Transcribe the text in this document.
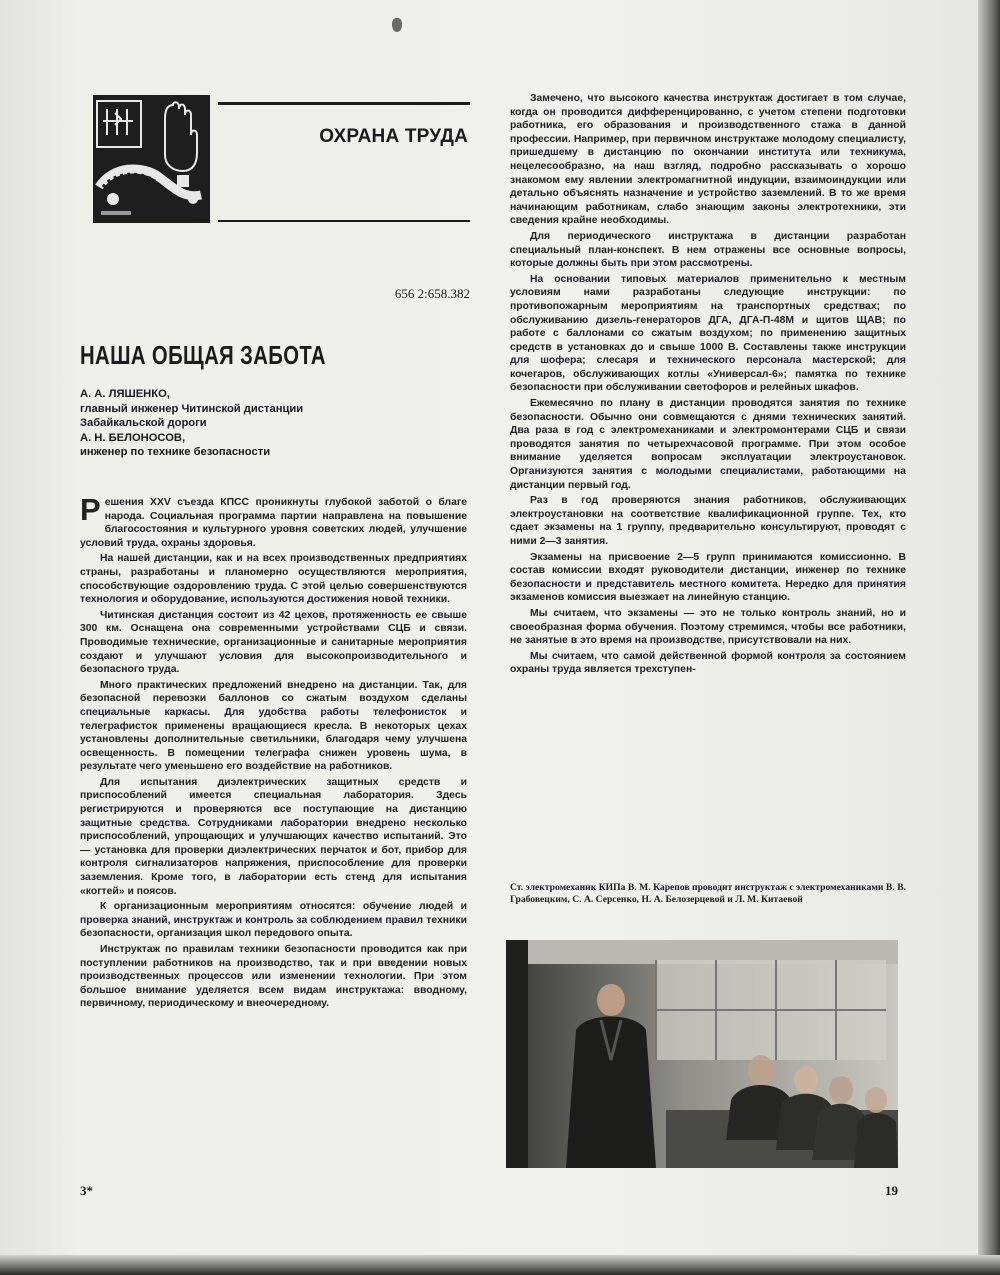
ОХРАНА ТРУДА
656 2:658.382
НАША ОБЩАЯ ЗАБОТА
А. А. ЛЯШЕНКО,
главный инженер Читинской дистанции
Забайкальской дороги
А. Н. БЕЛОНОСОВ,
инженер по технике безопасности

Решения XXV съезда КПСС проникнуты глубокой заботой о благе народа. Социальная программа партии направлена на повышение благосостояния и культурного уровня советских людей, улучшение условий труда, охраны здоровья.

На нашей дистанции, как и на всех производственных предприятиях страны, разработаны и планомерно осуществляются мероприятия, способствующие оздоровлению труда. С этой целью совершенствуются технология и оборудование, используются достижения новой техники.

Читинская дистанция состоит из 42 цехов, протяженность ее свыше 300 км. Оснащена она современными устройствами СЦБ и связи. Проводимые технические, организационные и санитарные мероприятия создают и улучшают условия для высокопроизводительного и безопасного труда.

Много практических предложений внедрено на дистанции. Так, для безопасной перевозки баллонов со сжатым воздухом сделаны специальные каркасы. Для удобства работы телефонисток и телеграфисток применены вращающиеся кресла. В некоторых цехах установлены дополнительные светильники, благодаря чему улучшена освещенность. В помещении телеграфа снижен уровень шума, в результате чего уменьшено его воздействие на работников.

Для испытания диэлектрических защитных средств и приспособлений имеется специальная лаборатория. Здесь регистрируются и проверяются все поступающие на дистанцию защитные средства. Сотрудниками лаборатории внедрено несколько приспособлений, упрощающих и улучшающих качество испытаний. Это — установка для проверки диэлектрических перчаток и бот, прибор для контроля сигнализаторов напряжения, приспособление для проверки заземления. Кроме того, в лаборатории есть стенд для испытания «когтей» и поясов.

К организационным мероприятиям относятся: обучение людей и проверка знаний, инструктаж и контроль за соблюдением правил техники безопасности, организация школ передового опыта.

Инструктаж по правилам техники безопасности проводится как при поступлении работников на производство, так и при введении новых производственных процессов или изменении технологии. При этом большое внимание уделяется всем видам инструктажа: вводному, первичному, периодическому и внеочередному.

Замечено, что высокого качества инструктаж достигает в том случае, когда он проводится дифференцированно, с учетом степени подготовки работника, его образования и производственного стажа в данной профессии. Например, при первичном инструктаже молодому специалисту, пришедшему в дистанцию по окончании института или техникума, нецелесообразно, на наш взгляд, подробно рассказывать о хорошо знакомом ему явлении электромагнитной индукции, взаимоиндукции или детально объяснять назначение и устройство заземлений. В то же время начинающим работникам, слабо знающим законы электротехники, эти сведения крайне необходимы.

Для периодического инструктажа в дистанции разработан специальный план-конспект. В нем отражены все основные вопросы, которые должны быть при этом рассмотрены.

На основании типовых материалов применительно к местным условиям нами разработаны следующие инструкции: по противопожарным мероприятиям на транспортных средствах; по обслуживанию дизель-генераторов ДГА, ДГА-П-48М и щитов ЩАВ; по работе с баллонами со сжатым воздухом; по применению защитных средств в установках до и свыше 1000 В. Составлены также инструкции для шофера; слесаря и технического персонала мастерской; для кочегаров, обслуживающих котлы «Универсал-6»; памятка по технике безопасности при обслуживании светофоров и релейных шкафов.

Ежемесячно по плану в дистанции проводятся занятия по технике безопасности. Обычно они совмещаются с днями технических занятий. Два раза в год с электромеханиками и электромонтерами СЦБ и связи проводятся занятия по четырехчасовой программе. При этом особое внимание уделяется вопросам эксплуатации электроустановок. Организуются занятия с молодыми специалистами, работающими на дистанции первый год.

Раз в год проверяются знания работников, обслуживающих электроустановки на соответствие квалификационной группе. Тех, кто сдает экзамены на 1 группу, предварительно консультируют, проводят с ними 2—3 занятия.

Экзамены на присвоение 2—5 групп принимаются комиссионно. В состав комиссии входят руководители дистанции, инженер по технике безопасности и представитель местного комитета. Нередко для принятия экзаменов комиссия выезжает на линейную станцию.

Мы считаем, что экзамены — это не только контроль знаний, но и своеобразная форма обучения. Поэтому стремимся, чтобы все работники, не занятые в это время на производстве, присутствовали на них.

Мы считаем, что самой действенной формой контроля за состоянием охраны труда является трехступен-

Ст. электромеханик КИПа В. М. Карепов проводит инструктаж с электромеханиками В. В. Грабовецким, С. А. Серсенко, Н. А. Белозерцевой и Л. М. Китаевой
3*	19
